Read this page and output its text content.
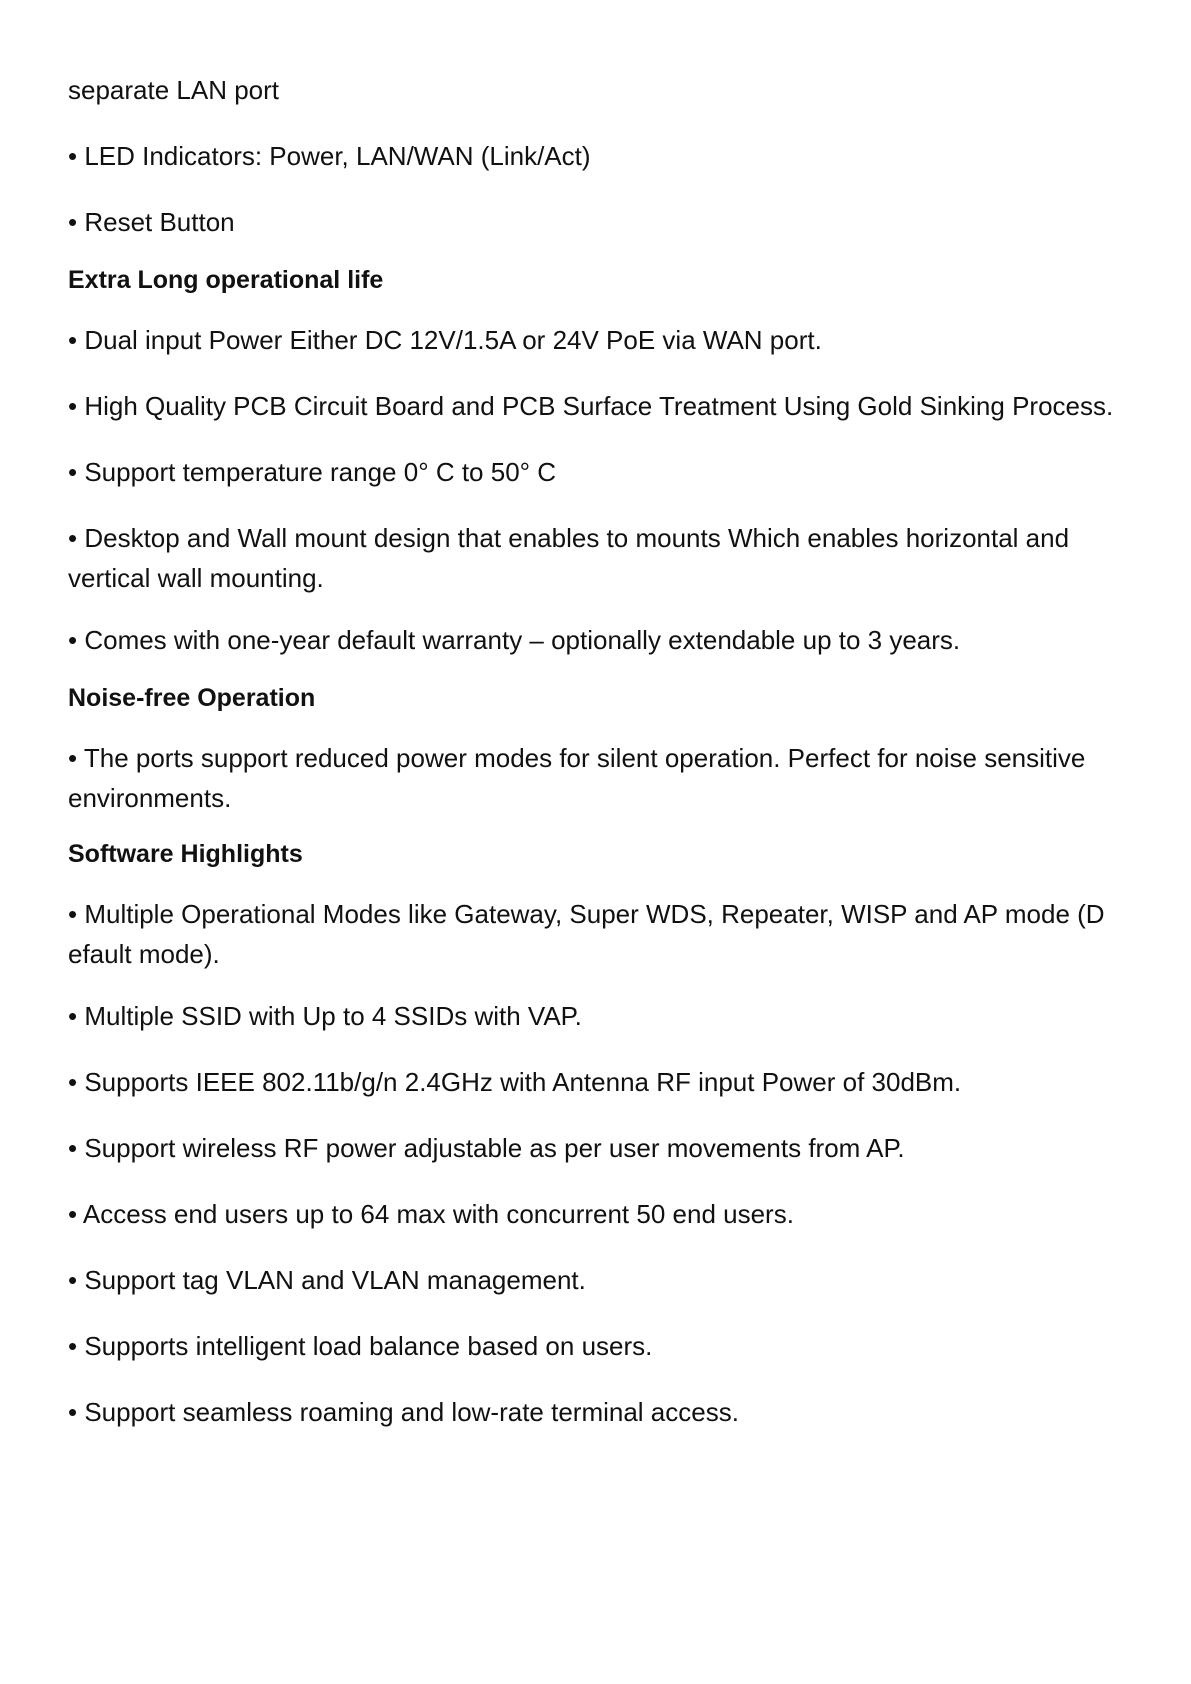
separate LAN port
• LED Indicators: Power, LAN/WAN (Link/Act)
• Reset Button
Extra Long operational life
• Dual input Power Either DC 12V/1.5A or 24V PoE via WAN port.
• High Quality PCB Circuit Board and PCB Surface Treatment Using Gold Sinking Process.
• Support temperature range 0° C to 50° C
• Desktop and Wall mount design that enables to mounts Which enables horizontal and vertical wall mounting.
• Comes with one-year default warranty – optionally extendable up to 3 years.
Noise-free Operation
• The ports support reduced power modes for silent operation. Perfect for noise sensitive environments.
Software Highlights
• Multiple Operational Modes like Gateway, Super WDS, Repeater, WISP and AP mode (D efault mode).
• Multiple SSID with Up to 4 SSIDs with VAP.
• Supports IEEE 802.11b/g/n 2.4GHz with Antenna RF input Power of 30dBm.
• Support wireless RF power adjustable as per user movements from AP.
• Access end users up to 64 max with concurrent 50 end users.
• Support tag VLAN and VLAN management.
• Supports intelligent load balance based on users.
• Support seamless roaming and low-rate terminal access.
